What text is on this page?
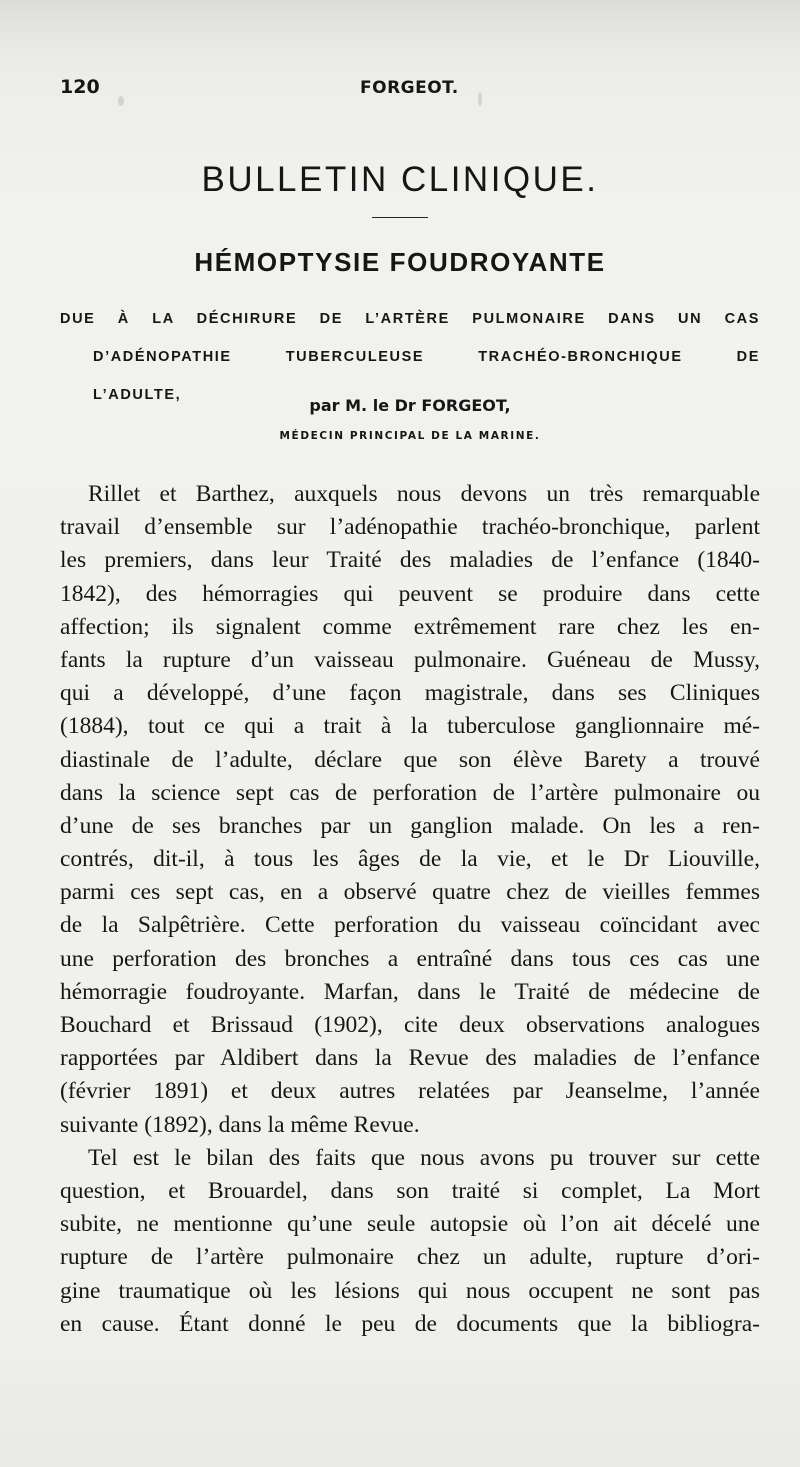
120	FORGEOT.
BULLETIN CLINIQUE.
HÉMOPTYSIE FOUDROYANTE
DUE À LA DÉCHIRURE DE L’ARTÈRE PULMONAIRE DANS UN CAS
D’ADÉNOPATHIE TUBERCULEUSE TRACHÉO-BRONCHIQUE DE
L’ADULTE,
par M. le Dr FORGEOT,
MÉDECIN PRINCIPAL DE LA MARINE.
Rillet et Barthez, auxquels nous devons un très remarquable
travail d’ensemble sur l’adénopathie trachéo-bronchique, parlent
les premiers, dans leur Traité des maladies de l’enfance (1840-
1842), des hémorragies qui peuvent se produire dans cette
affection; ils signalent comme extrêmement rare chez les en-
fants la rupture d’un vaisseau pulmonaire. Guéneau de Mussy,
qui a développé, d’une façon magistrale, dans ses Cliniques
(1884), tout ce qui a trait à la tuberculose ganglionnaire mé-
diastinale de l’adulte, déclare que son élève Barety a trouvé
dans la science sept cas de perforation de l’artère pulmonaire ou
d’une de ses branches par un ganglion malade. On les a ren-
contrés, dit-il, à tous les âges de la vie, et le Dr Liouville,
parmi ces sept cas, en a observé quatre chez de vieilles femmes
de la Salpêtrière. Cette perforation du vaisseau coïncidant avec
une perforation des bronches a entraîné dans tous ces cas une
hémorragie foudroyante. Marfan, dans le Traité de médecine de
Bouchard et Brissaud (1902), cite deux observations analogues
rapportées par Aldibert dans la Revue des maladies de l’enfance
(février 1891) et deux autres relatées par Jeanselme, l’année
suivante (1892), dans la même Revue.
Tel est le bilan des faits que nous avons pu trouver sur cette
question, et Brouardel, dans son traité si complet, La Mort
subite, ne mentionne qu’une seule autopsie où l’on ait décelé une
rupture de l’artère pulmonaire chez un adulte, rupture d’ori-
gine traumatique où les lésions qui nous occupent ne sont pas
en cause. Étant donné le peu de documents que la bibliogra-
